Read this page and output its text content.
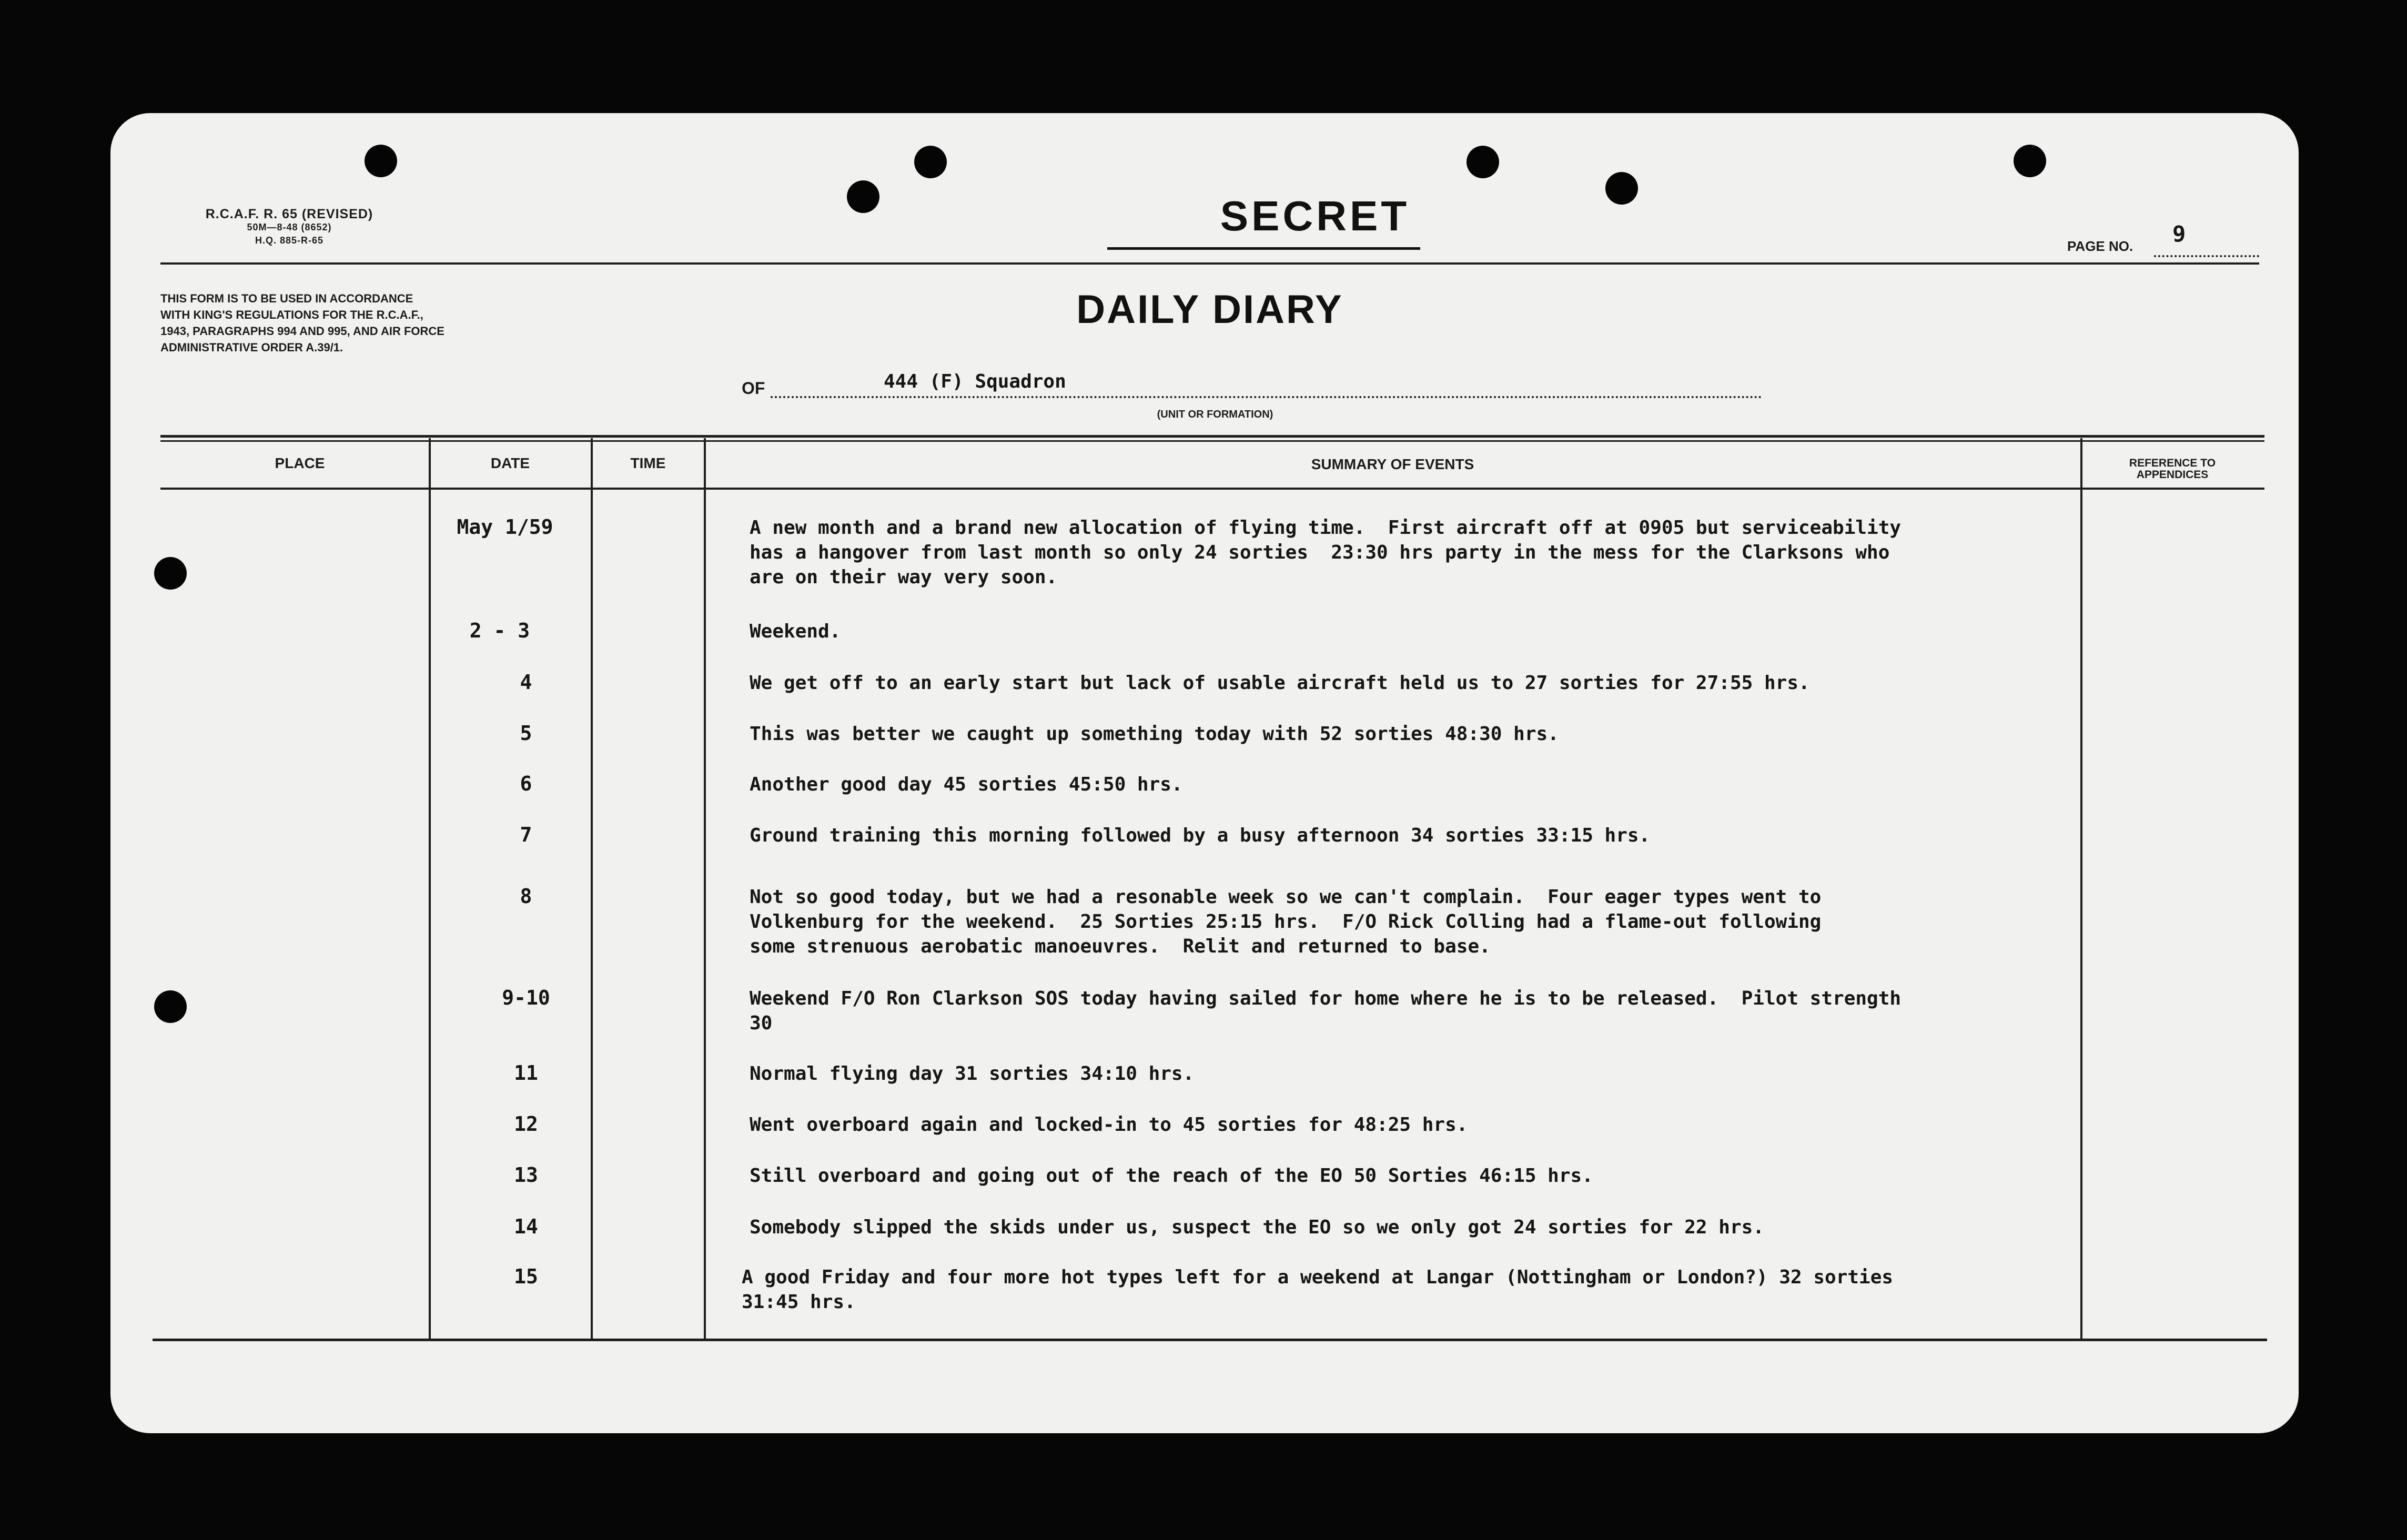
R.C.A.F. R. 65 (REVISED)
50M—8-48 (8652)
H.Q. 885-R-65
SECRET
PAGE NO. 9
THIS FORM IS TO BE USED IN ACCORDANCE
WITH KING'S REGULATIONS FOR THE R.C.A.F.,
1943, PARAGRAPHS 994 AND 995, AND AIR FORCE
ADMINISTRATIVE ORDER A.39/1.
DAILY DIARY
OF	444 (F) Squadron
(UNIT OR FORMATION)
PLACE	DATE	TIME	SUMMARY OF EVENTS	REFERENCE TO
APPENDICES
May 1/59	A new month and a brand new allocation of flying time.  First aircraft off at 0905 but serviceability
has a hangover from last month so only 24 sorties  23:30 hrs party in the mess for the Clarksons who
are on their way very soon.
2 - 3	Weekend.
4	We get off to an early start but lack of usable aircraft held us to 27 sorties for 27:55 hrs.
5	This was better we caught up something today with 52 sorties 48:30 hrs.
6	Another good day 45 sorties 45:50 hrs.
7	Ground training this morning followed by a busy afternoon 34 sorties 33:15 hrs.
8	Not so good today, but we had a resonable week so we can't complain.  Four eager types went to
Volkenburg for the weekend.  25 Sorties 25:15 hrs.  F/O Rick Colling had a flame-out following
some strenuous aerobatic manoeuvres.  Relit and returned to base.
9-10	Weekend F/O Ron Clarkson SOS today having sailed for home where he is to be released.  Pilot strength
30
11	Normal flying day 31 sorties 34:10 hrs.
12	Went overboard again and locked-in to 45 sorties for 48:25 hrs.
13	Still overboard and going out of the reach of the EO 50 Sorties 46:15 hrs.
14	Somebody slipped the skids under us, suspect the EO so we only got 24 sorties for 22 hrs.
15	A good Friday and four more hot types left for a weekend at Langar (Nottingham or London?) 32 sorties
31:45 hrs.
